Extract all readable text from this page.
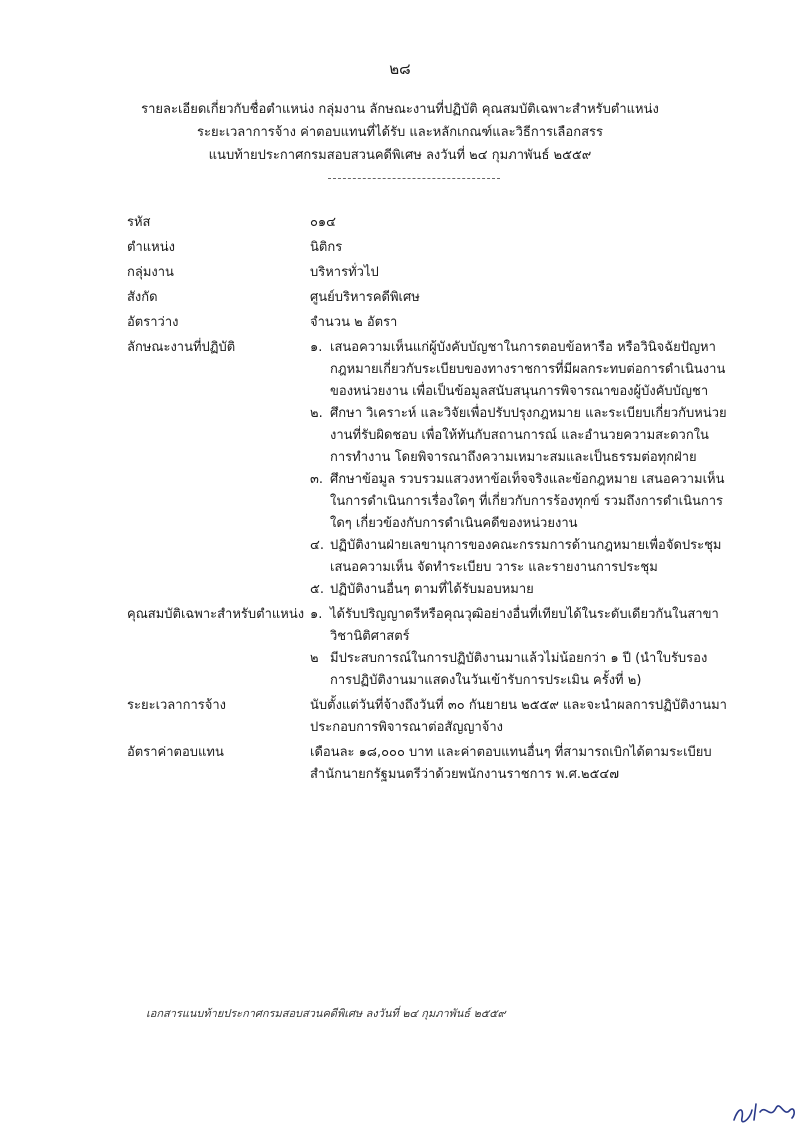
๒๘
รายละเอียดเกี่ยวกับชื่อตำแหน่ง กลุ่มงาน ลักษณะงานที่ปฏิบัติ คุณสมบัติเฉพาะสำหรับตำแหน่ง
ระยะเวลาการจ้าง ค่าตอบแทนที่ได้รับ และหลักเกณฑ์และวิธีการเลือกสรร
แนบท้ายประกาศกรมสอบสวนคดีพิเศษ ลงวันที่ ๒๔ กุมภาพันธ์ ๒๕๕๙
รหัส	๐๑๔
ตำแหน่ง	นิติกร
กลุ่มงาน	บริหารทั่วไป
สังกัด	ศูนย์บริหารคดีพิเศษ
อัตราว่าง	จำนวน ๒ อัตรา
ลักษณะงานที่ปฏิบัติ	๑. เสนอความเห็นแก่ผู้บังคับบัญชาในการตอบข้อหารือ หรือวินิจฉัยปัญหากฎหมายเกี่ยวกับระเบียบของทางราชการที่มีผลกระทบต่อการดำเนินงานของหน่วยงาน เพื่อเป็นข้อมูลสนับสนุนการพิจารณาของผู้บังคับบัญชา
๒. ศึกษา วิเคราะห์ และวิจัยเพื่อปรับปรุงกฎหมาย และระเบียบเกี่ยวกับหน่วยงานที่รับผิดชอบ เพื่อให้ทันกับสถานการณ์ และอำนวยความสะดวกในการทำงาน โดยพิจารณาถึงความเหมาะสมและเป็นธรรมต่อทุกฝ่าย
๓. ศึกษาข้อมูล รวบรวมแสวงหาข้อเท็จจริงและข้อกฎหมาย เสนอความเห็นในการดำเนินการเรื่องใดๆ ที่เกี่ยวกับการร้องทุกข์ รวมถึงการดำเนินการใดๆ เกี่ยวข้องกับการดำเนินคดีของหน่วยงาน
๔. ปฏิบัติงานฝ่ายเลขานุการของคณะกรรมการด้านกฎหมายเพื่อจัดประชุม เสนอความเห็น จัดทำระเบียบ วาระ และรายงานการประชุม
๕. ปฏิบัติงานอื่นๆ ตามที่ได้รับมอบหมาย
คุณสมบัติเฉพาะสำหรับตำแหน่ง ๑. ได้รับปริญญาตรีหรือคุณวุฒิอย่างอื่นที่เทียบได้ในระดับเดียวกันในสาขาวิชานิติศาสตร์
๒ มีประสบการณ์ในการปฏิบัติงานมาแล้วไม่น้อยกว่า ๑ ปี (นำใบรับรองการปฏิบัติงานมาแสดงในวันเข้ารับการประเมิน ครั้งที่ ๒)
ระยะเวลาการจ้าง	นับตั้งแต่วันที่จ้างถึงวันที่ ๓๐ กันยายน ๒๕๕๙ และจะนำผลการปฏิบัติงานมาประกอบการพิจารณาต่อสัญญาจ้าง
อัตราค่าตอบแทน	เดือนละ ๑๘,๐๐๐ บาท และค่าตอบแทนอื่นๆ ที่สามารถเบิกได้ตามระเบียบสำนักนายกรัฐมนตรีว่าด้วยพนักงานราชการ พ.ศ.๒๕๔๗
เอกสารแนบท้ายประกาศกรมสอบสวนคดีพิเศษ ลงวันที่ ๒๔ กุมภาพันธ์ ๒๕๕๙
